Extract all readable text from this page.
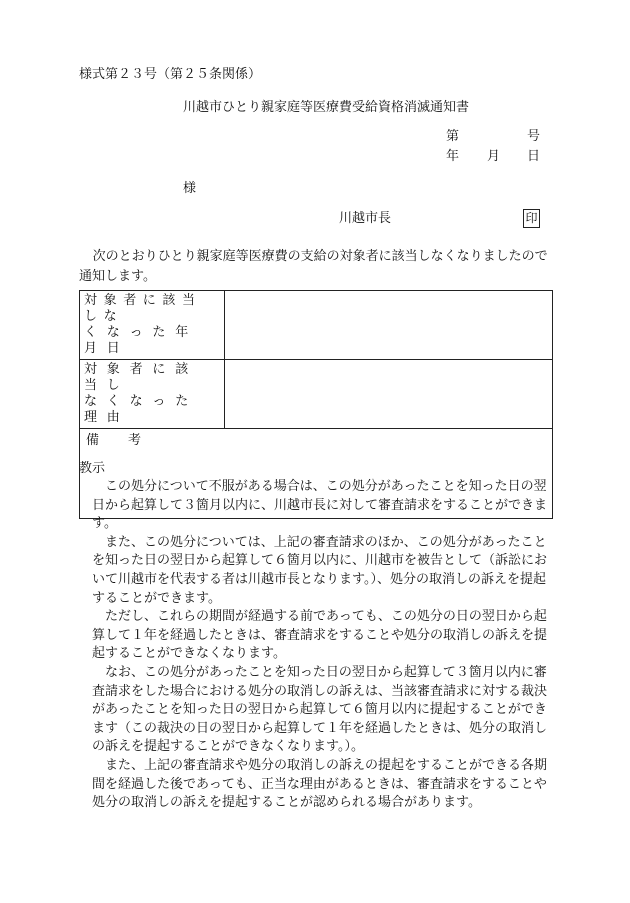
様式第２３号（第２５条関係）
川越市ひとり親家庭等医療費受給資格消滅通知書
第	号
年 月 日
様
川越市長	印
次のとおりひとり親家庭等医療費の支給の対象者に該当しなくなりましたので通知します。
対象者に該当しな
くなった年月日	

対象者に該当し
なくなった理由	

備　　考	
教示

この処分について不服がある場合は、この処分があったことを知った日の翌日から起算して３箇月以内に、川越市長に対して審査請求をすることができます。

また、この処分については、上記の審査請求のほか、この処分があったことを知った日の翌日から起算して６箇月以内に、川越市を被告として（訴訟において川越市を代表する者は川越市長となります。）、処分の取消しの訴えを提起することができます。

ただし、これらの期間が経過する前であっても、この処分の日の翌日から起算して１年を経過したときは、審査請求をすることや処分の取消しの訴えを提起することができなくなります。

なお、この処分があったことを知った日の翌日から起算して３箇月以内に審査請求をした場合における処分の取消しの訴えは、当該審査請求に対する裁決があったことを知った日の翌日から起算して６箇月以内に提起することができます（この裁決の日の翌日から起算して１年を経過したときは、処分の取消しの訴えを提起することができなくなります。）。

また、上記の審査請求や処分の取消しの訴えの提起をすることができる各期間を経過した後であっても、正当な理由があるときは、審査請求をすることや処分の取消しの訴えを提起することが認められる場合があります。
